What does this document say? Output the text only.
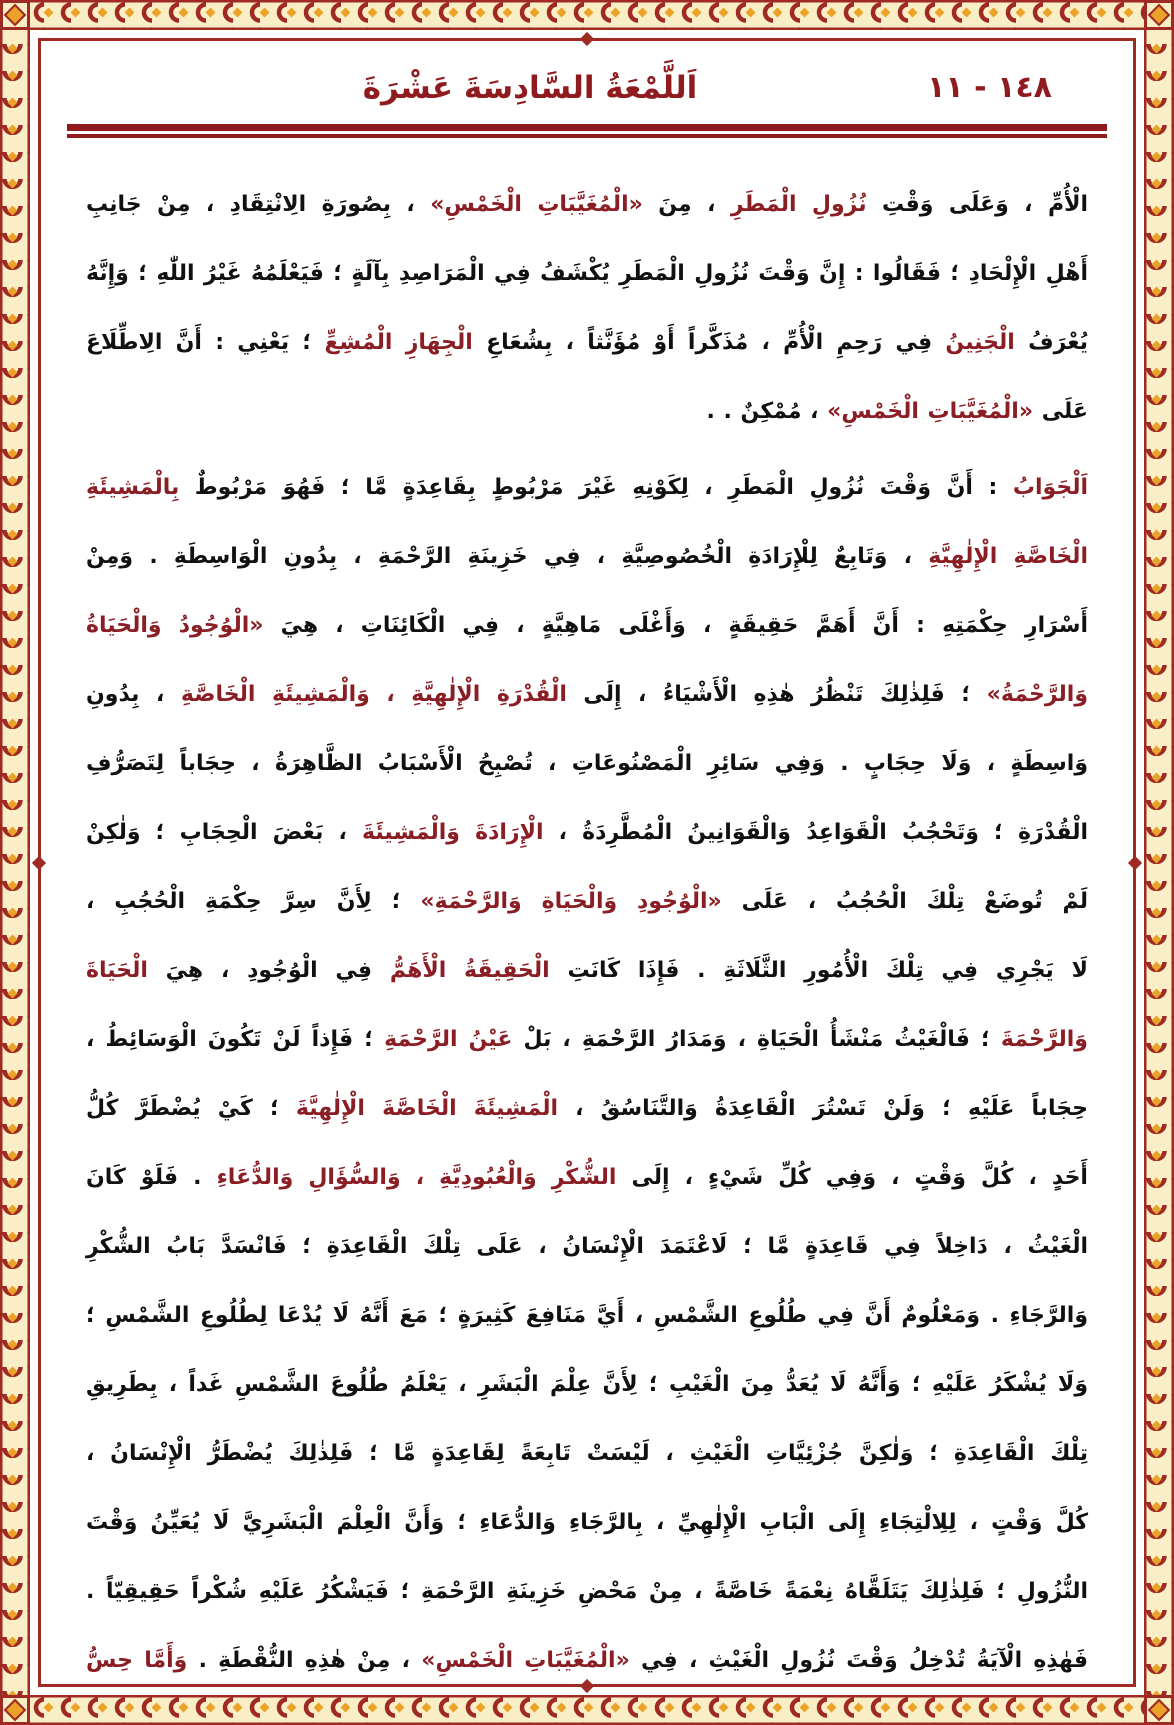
١٤٨ - ١١
اَللَّمْعَةُ السَّادِسَةَ عَشْرَةَ
الْأُمِّ ، وَعَلَى وَقْتِ نُزُولِ الْمَطَرِ ، مِنَ «الْمُغَيَّبَاتِ الْخَمْسِ» ، بِصُورَةِ الِانْتِقَادِ ، مِنْ جَانِبِ
أَهْلِ الْإِلْحَادِ ؛ فَقَالُوا : إِنَّ وَقْتَ نُزُولِ الْمَطَرِ يُكْشَفُ فِي الْمَرَاصِدِ بِآلَةٍ ؛ فَيَعْلَمُهُ غَيْرُ اللّٰهِ ؛ وَإِنَّهُ
يُعْرَفُ الْجَنِينُ فِي رَحِمِ الْأُمِّ ، مُذَكَّراً أَوْ مُؤَنَّثاً ، بِشُعَاعِ الْجِهَازِ الْمُشِعِّ ؛ يَعْنِي : أَنَّ الِاطِّلَاعَ
عَلَى «الْمُغَيَّبَاتِ الْخَمْسِ» ، مُمْكِنٌ . .
اَلْجَوَابُ : أَنَّ وَقْتَ نُزُولِ الْمَطَرِ ، لِكَوْنِهِ غَيْرَ مَرْبُوطٍ بِقَاعِدَةٍ مَّا ؛ فَهُوَ مَرْبُوطٌ بِالْمَشِيئَةِ
الْخَاصَّةِ الْإِلٰهِيَّةِ ، وَتَابِعٌ لِلْإِرَادَةِ الْخُصُوصِيَّةِ ، فِي خَزِينَةِ الرَّحْمَةِ ، بِدُونِ الْوَاسِطَةِ . وَمِنْ
أَسْرَارِ حِكْمَتِهِ : أَنَّ أَهَمَّ حَقِيقَةٍ ، وَأَغْلَى مَاهِيَّةٍ ، فِي الْكَائِنَاتِ ، هِيَ «الْوُجُودُ وَالْحَيَاةُ
وَالرَّحْمَةُ» ؛ فَلِذٰلِكَ تَنْظُرُ هٰذِهِ الْأَشْيَاءُ ، إِلَى الْقُدْرَةِ الْإِلٰهِيَّةِ ، وَالْمَشِيئَةِ الْخَاصَّةِ ، بِدُونِ
وَاسِطَةٍ ، وَلَا حِجَابٍ . وَفِي سَائِرِ الْمَصْنُوعَاتِ ، تُصْبِحُ الْأَسْبَابُ الظَّاهِرَةُ ، حِجَاباً لِتَصَرُّفِ
الْقُدْرَةِ ؛ وَتَحْجُبُ الْقَوَاعِدُ وَالْقَوَانِينُ الْمُطَّرِدَةُ ، الْإِرَادَةَ وَالْمَشِيئَةَ ، بَعْضَ الْحِجَابِ ؛ وَلٰكِنْ
لَمْ تُوضَعْ تِلْكَ الْحُجُبُ ، عَلَى «الْوُجُودِ وَالْحَيَاةِ وَالرَّحْمَةِ» ؛ لِأَنَّ سِرَّ حِكْمَةِ الْحُجُبِ ،
لَا يَجْرِي فِي تِلْكَ الْأُمُورِ الثَّلَاثَةِ . فَإِذَا كَانَتِ الْحَقِيقَةُ الْأَهَمُّ فِي الْوُجُودِ ، هِيَ الْحَيَاةَ
وَالرَّحْمَةَ ؛ فَالْغَيْثُ مَنْشَأُ الْحَيَاةِ ، وَمَدَارُ الرَّحْمَةِ ، بَلْ عَيْنُ الرَّحْمَةِ ؛ فَإِذاً لَنْ تَكُونَ الْوَسَائِطُ ،
حِجَاباً عَلَيْهِ ؛ وَلَنْ تَسْتُرَ الْقَاعِدَةُ وَالتَّنَاسُقُ ، الْمَشِيئَةَ الْخَاصَّةَ الْإِلٰهِيَّةَ ؛ كَيْ يُضْطَرَّ كُلُّ
أَحَدٍ ، كُلَّ وَقْتٍ ، وَفِي كُلِّ شَيْءٍ ، إِلَى الشُّكْرِ وَالْعُبُودِيَّةِ ، وَالسُّؤَالِ وَالدُّعَاءِ . فَلَوْ كَانَ
الْغَيْثُ ، دَاخِلاً فِي قَاعِدَةٍ مَّا ؛ لَاعْتَمَدَ الْإِنْسَانُ ، عَلَى تِلْكَ الْقَاعِدَةِ ؛ فَانْسَدَّ بَابُ الشُّكْرِ
وَالرَّجَاءِ . وَمَعْلُومٌ أَنَّ فِي طُلُوعِ الشَّمْسِ ، أَيَّ مَنَافِعَ كَثِيرَةٍ ؛ مَعَ أَنَّهُ لَا يُدْعَا لِطُلُوعِ الشَّمْسِ ؛
وَلَا يُشْكَرُ عَلَيْهِ ؛ وَأَنَّهُ لَا يُعَدُّ مِنَ الْغَيْبِ ؛ لِأَنَّ عِلْمَ الْبَشَرِ ، يَعْلَمُ طُلُوعَ الشَّمْسِ غَداً ، بِطَرِيقِ
تِلْكَ الْقَاعِدَةِ ؛ وَلٰكِنَّ جُزْئِيَّاتِ الْغَيْثِ ، لَيْسَتْ تَابِعَةً لِقَاعِدَةٍ مَّا ؛ فَلِذٰلِكَ يُضْطَرُّ الْإِنْسَانُ ،
كُلَّ وَقْتٍ ، لِلِالْتِجَاءِ إِلَى الْبَابِ الْإِلٰهِيِّ ، بِالرَّجَاءِ وَالدُّعَاءِ ؛ وَأَنَّ الْعِلْمَ الْبَشَرِيَّ لَا يُعَيِّنُ وَقْتَ
النُّزُولِ ؛ فَلِذٰلِكَ يَتَلَقَّاهُ نِعْمَةً خَاصَّةً ، مِنْ مَحْضِ خَزِينَةِ الرَّحْمَةِ ؛ فَيَشْكُرُ عَلَيْهِ شُكْراً حَقِيقِيّاً .
فَهٰذِهِ الْآيَةُ تُدْخِلُ وَقْتَ نُزُولِ الْغَيْثِ ، فِي «الْمُغَيَّبَاتِ الْخَمْسِ» ، مِنْ هٰذِهِ النُّقْطَةِ . وَأَمَّا حِسُّ
